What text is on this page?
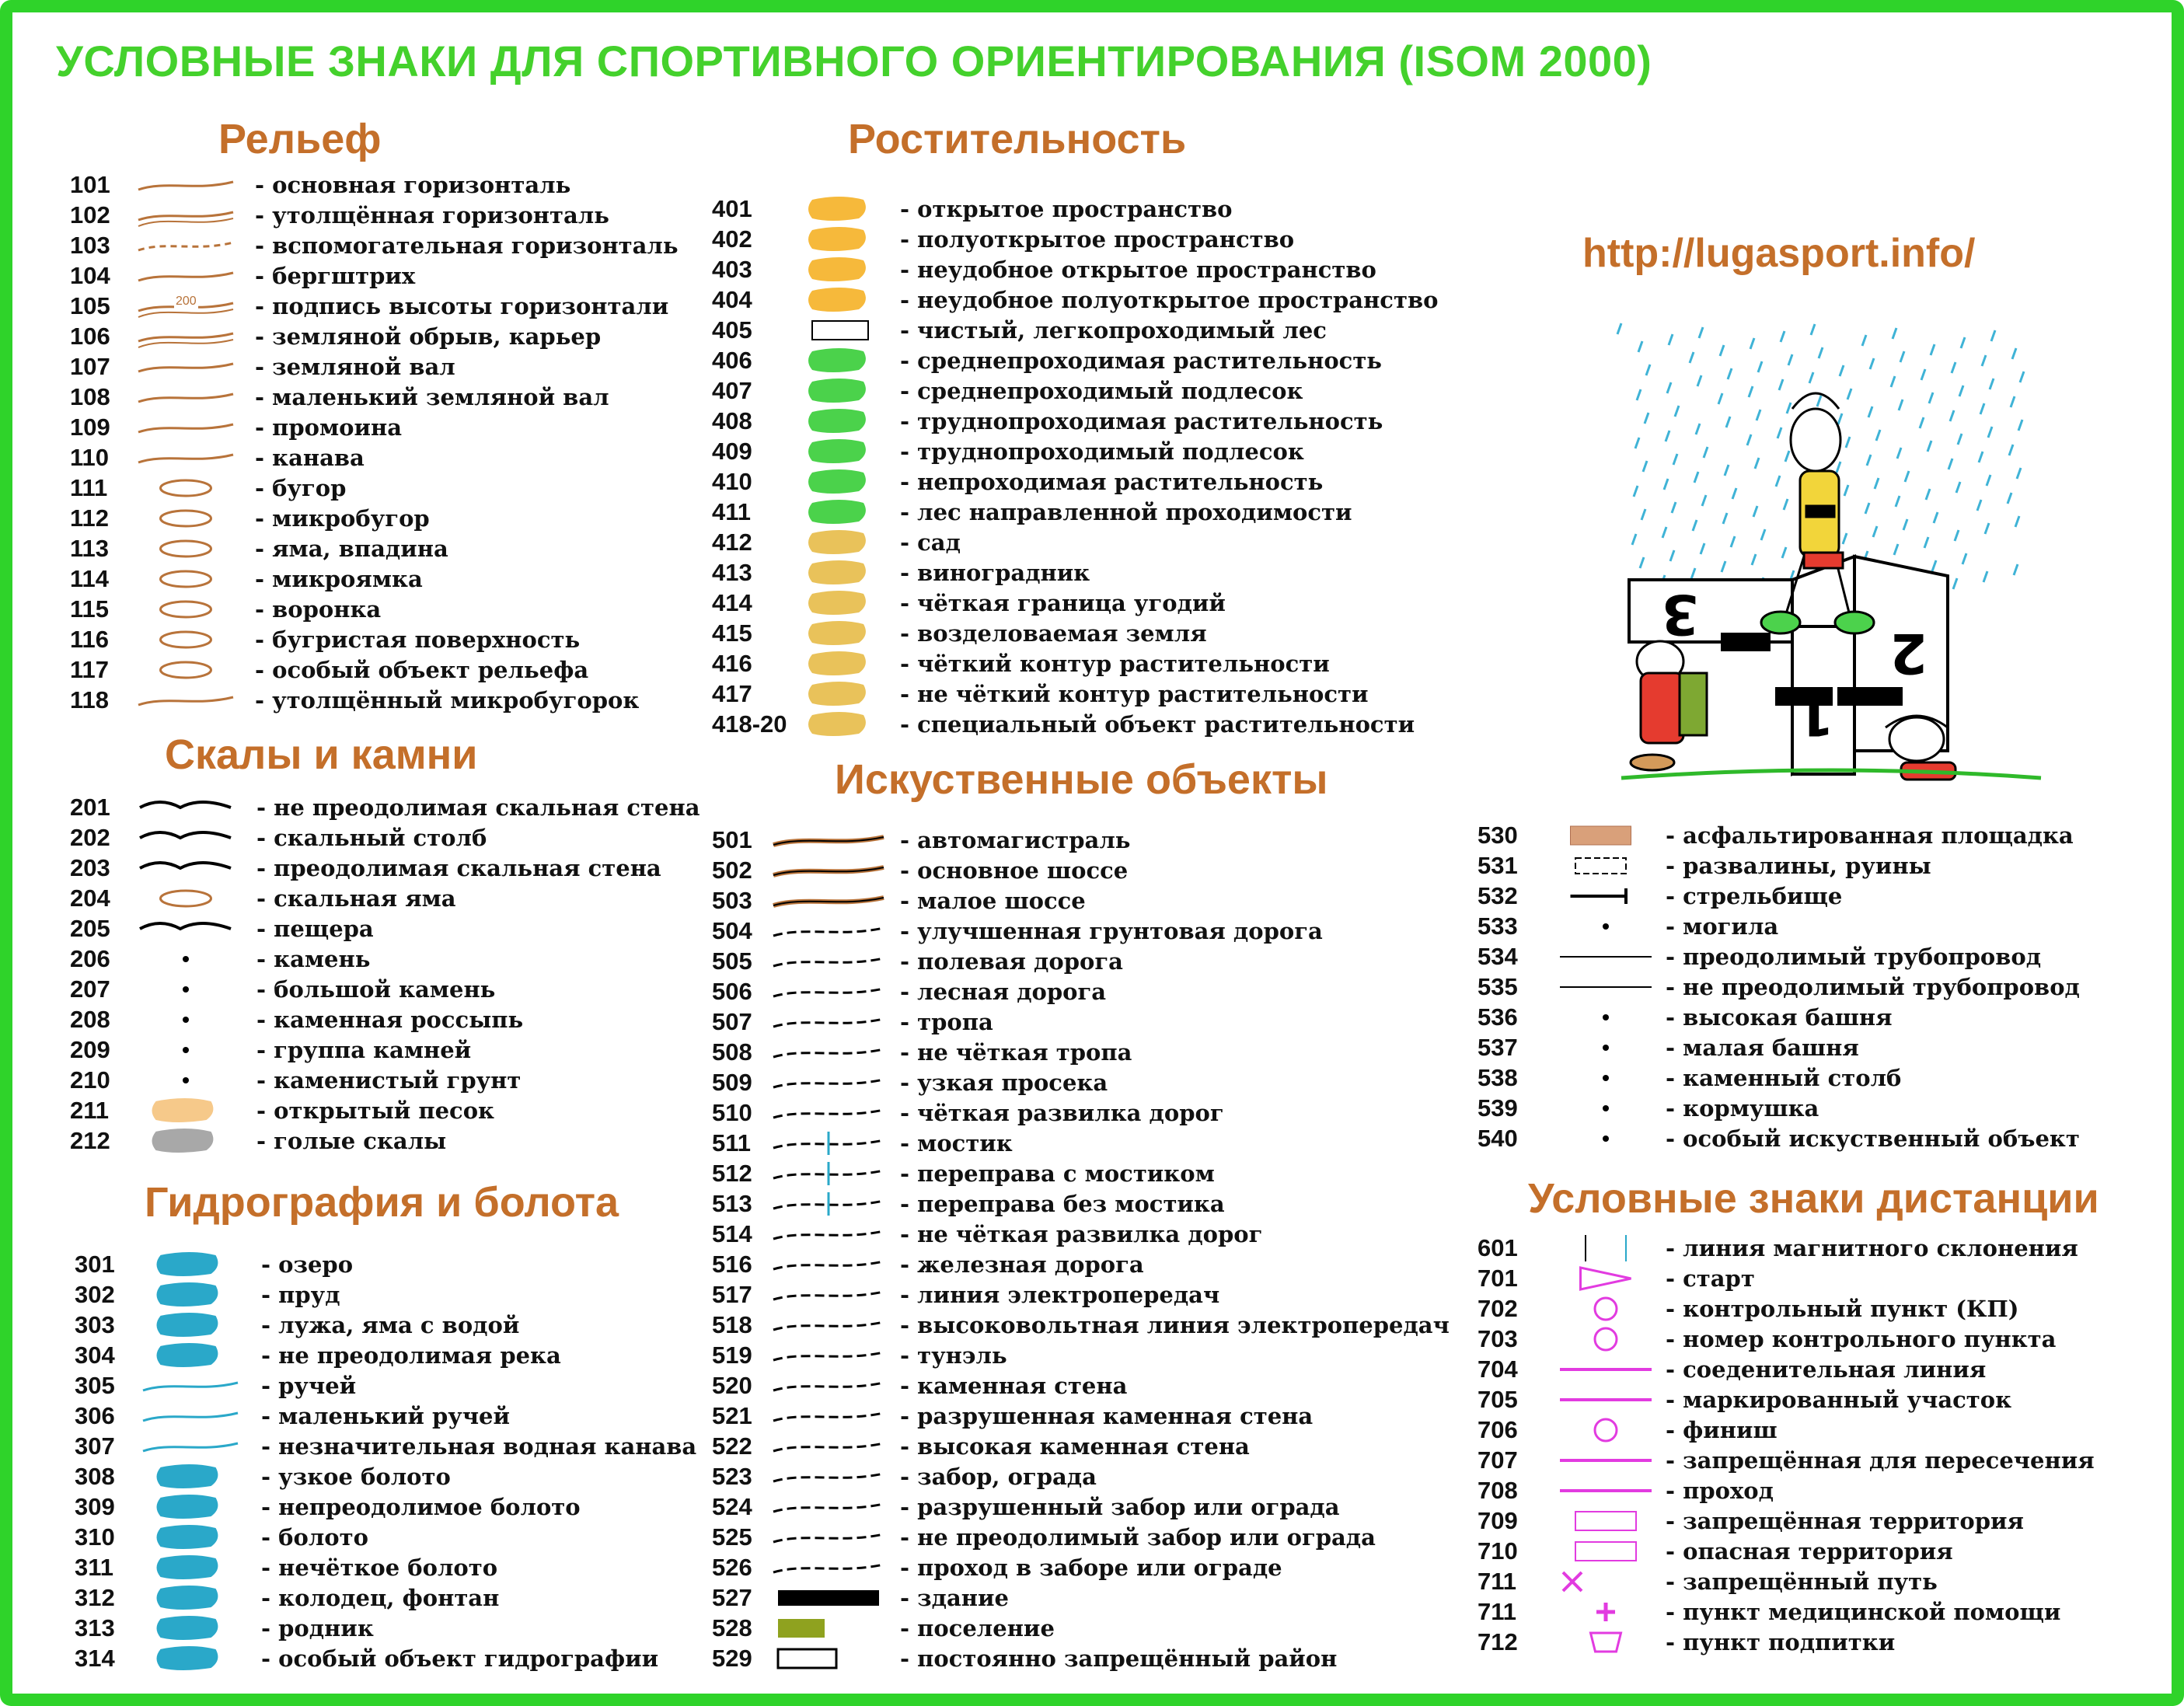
УСЛОВНЫЕ ЗНАКИ ДЛЯ СПОРТИВНОГО ОРИЕНТИРОВАНИЯ (ISOM 2000)
http://lugasport.info/
Рельеф
Скалы и камни
Гидрография и болота
Ростительность
Искуственные объекты
Условные знаки дистанции
101	- основная горизонталь
102	- утолщённая горизонталь
103	- вспомогательная горизонталь
104	- бергштрих
105	200	- подпись высоты горизонтали
106	- земляной обрыв, карьер
107	- земляной вал
108	- маленький земляной вал
109	- промоина
110	- канава
111	- бугор
112	- микробугор
113	- яма, впадина
114	- микроямка
115	- воронка
116	- бугристая поверхность
117	- особый объект рельефа
118	- утолщённый микробугорок
201	- не преодолимая скальная стена
202	- скальный столб
203	- преодолимая скальная стена
204	- скальная яма
205	- пещера
206	- камень
207	- большой камень
208	- каменная россыпь
209	- группа камней
210	- каменистый грунт
211	- открытый песок
212	- голые скалы
301	- озеро
302	- пруд
303	- лужа, яма с водой
304	- не преодолимая река
305	- ручей
306	- маленький ручей
307	- незначительная водная канава
308	- узкое болото
309	- непреодолимое болото
310	- болото
311	- нечёткое болото
312	- колодец, фонтан
313	- родник
314	- особый объект гидрографии
401	- открытое пространство
402	- полуоткрытое пространство
403	- неудобное открытое пространство
404	- неудобное полуоткрытое пространство
405	- чистый, легкопроходимый лес
406	- среднепроходимая растительность
407	- среднепроходимый подлесок
408	- труднопроходимая растительность
409	- труднопроходимый подлесок
410	- непроходимая растительность
411	- лес направленной проходимости
412	- сад
413	- виноградник
414	- чёткая граница угодий
415	- возделоваемая земля
416	- чёткий контур растительности
417	- не чёткий контур растительности
418-20	- специальный объект растительности
501	- автомагистраль
502	- основное шоссе
503	- малое шоссе
504	- улучшенная грунтовая дорога
505	- полевая дорога
506	- лесная дорога
507	- тропа
508	- не чёткая тропа
509	- узкая просека
510	- чёткая развилка дорог
511	- мостик
512	- переправа с мостиком
513	- переправа без мостика
514	- не чёткая развилка дорог
516	- железная дорога
517	- линия электропередач
518	- высоковольтная линия электропередач
519	- тунэль
520	- каменная стена
521	- разрушенная каменная стена
522	- высокая каменная стена
523	- забор, ограда
524	- разрушенный забор или ограда
525	- не преодолимый забор или ограда
526	- проход в заборе или ограде
527	- здание
528	- поселение
529	- постоянно запрещённый район
530	- асфальтированная площадка
531	- развалины, руины
532	- стрельбище
533	- могила
534	- преодолимый трубопровод
535	- не преодолимый трубопровод
536	- высокая башня
537	- малая башня
538	- каменный столб
539	- кормушка
540	- особый искуственный объект
601	- линия магнитного склонения
701	- старт
702	- контрольный пункт (КП)
703	- номер контрольного пункта
704	- соеденительная линия
705	- маркированный участок
706	- финиш
707	- запрещённая для пересечения
708	- проход
709	- запрещённая территория
710	- опасная территория
711	- запрещённый путь
711	- пункт медицинской помощи
712	- пункт подпитки
3
2
1
